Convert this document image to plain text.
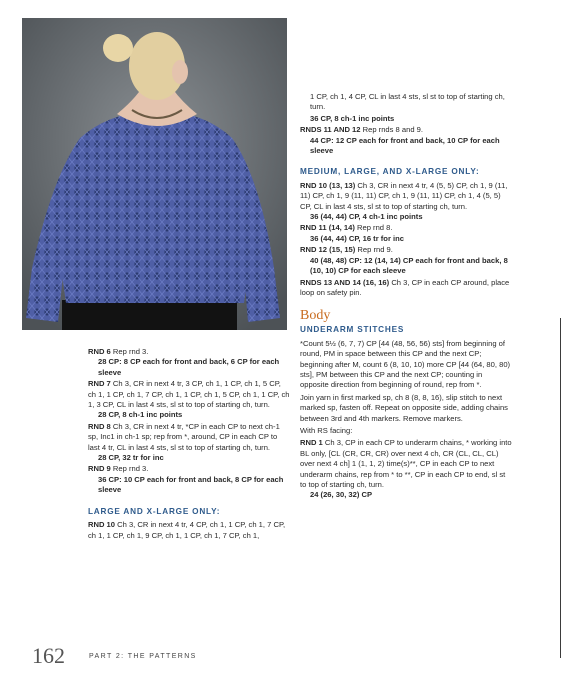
RND 6 Rep rnd 3.
28 CP: 8 CP each for front and back, 6 CP for each sleeve
RND 7 Ch 3, CR in next 4 tr, 3 CP, ch 1, 1 CP, ch 1, 5 CP, ch 1, 1 CP, ch 1, 7 CP, ch 1, 1 CP, ch 1, 5 CP, ch 1, 1 CP, ch 1, 3 CP, CL in last 4 sts, sl st to top of starting ch, turn.
28 CP, 8 ch-1 inc points
RND 8 Ch 3, CR in next 4 tr, *CP in each CP to next ch-1 sp, Inc1 in ch-1 sp; rep from *, around, CP in each CP to last 4 tr, CL in last 4 sts, sl st to top of starting ch, turn.
28 CP, 32 tr for inc
RND 9 Rep rnd 3.
36 CP: 10 CP each for front and back, 8 CP for each sleeve
LARGE AND X-LARGE ONLY:
RND 10 Ch 3, CR in next 4 tr, 4 CP, ch 1, 1 CP, ch 1, 7 CP, ch 1, 1 CP, ch 1, 9 CP, ch 1, 1 CP, ch 1, 7 CP, ch 1,
1 CP, ch 1, 4 CP, CL in last 4 sts, sl st to top of starting ch, turn.
36 CP, 8 ch-1 inc points
RNDS 11 AND 12 Rep rnds 8 and 9.
44 CP: 12 CP each for front and back, 10 CP for each sleeve
MEDIUM, LARGE, AND X-LARGE ONLY:
RND 10 (13, 13) Ch 3, CR in next 4 tr, 4 (5, 5) CP, ch 1, 9 (11, 11) CP, ch 1, 9 (11, 11) CP, ch 1, 9 (11, 11) CP, ch 1, 4 (5, 5) CP, CL in last 4 sts, sl st to top of starting ch, turn.
36 (44, 44) CP, 4 ch-1 inc points
RND 11 (14, 14) Rep rnd 8.
36 (44, 44) CP, 16 tr for inc
RND 12 (15, 15) Rep rnd 9.
40 (48, 48) CP: 12 (14, 14) CP each for front and back, 8 (10, 10) CP for each sleeve
RNDS 13 AND 14 (16, 16) Ch 3, CP in each CP around, place loop on safety pin.
Body
UNDERARM STITCHES
*Count 5½ (6, 7, 7) CP [44 (48, 56, 56) sts] from beginning of round, PM in space between this CP and the next CP; beginning after M, count 6 (8, 10, 10) more CP [44 (64, 80, 80) sts], PM between this CP and the next CP; counting in opposite direction from beginning of round, rep from *.
Join yarn in first marked sp, ch 8 (8, 8, 16), slip stitch to next marked sp, fasten off. Repeat on opposite side, adding chains between 3rd and 4th markers. Remove markers.
With RS facing:
RND 1 Ch 3, CP in each CP to underarm chains, * working into BL only, [CL (CR, CR, CR) over next 4 ch, CR (CL, CL, CL) over next 4 ch] 1 (1, 1, 2) time(s)**, CP in each CP to next underarm chains, rep from * to **, CP in each CP to end, sl st to top of starting ch, turn.
24 (26, 30, 32) CP
162	PART 2: THE PATTERNS
